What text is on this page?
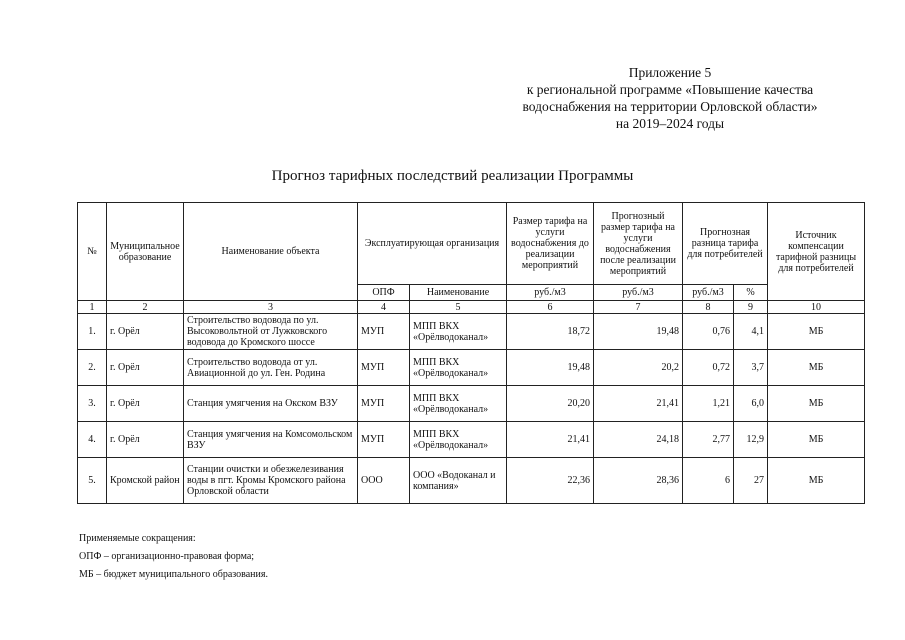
Приложение 5
к региональной программе «Повышение качества
водоснабжения на территории Орловской области»
на 2019–2024 годы
Прогноз тарифных последствий реализации Программы
№	Муниципальное образование	Наименование объекта	Эксплуатирующая организация		Размер тарифа на услуги водоснабжения до реализации мероприятий	Прогнозный размер тарифа на услуги водоснабжения после реализации мероприятий	Прогнозная разница тарифа для потребителей		Источник компенсации тарифной разницы для потребителей
			ОПФ	Наименование	руб./м3	руб./м3	руб./м3	%	
1	2	3	4	5	6	7	8	9	10
1.	г. Орёл	Строительство водовода по ул. Высоковольтной от Лужковского водовода до Кромского шоссе	МУП	МПП ВКХ «Орёлводоканал»	18,72	19,48	0,76	4,1	МБ
2.	г. Орёл	Строительство водовода от ул. Авиационной до ул. Ген. Родина	МУП	МПП ВКХ «Орёлводоканал»	19,48	20,2	0,72	3,7	МБ
3.	г. Орёл	Станция умягчения на Окском ВЗУ	МУП	МПП ВКХ «Орёлводоканал»	20,20	21,41	1,21	6,0	МБ
4.	г. Орёл	Станция умягчения на Комсомольском ВЗУ	МУП	МПП ВКХ «Орёлводоканал»	21,41	24,18	2,77	12,9	МБ
5.	Кромской район	Станции очистки и обезжелезивания воды в пгт. Кромы Кромского района Орловской области	ООО	ООО «Водоканал и компания»	22,36	28,36	6	27	МБ
Применяемые сокращения:
ОПФ – организационно-правовая форма;
МБ – бюджет муниципального образования.
